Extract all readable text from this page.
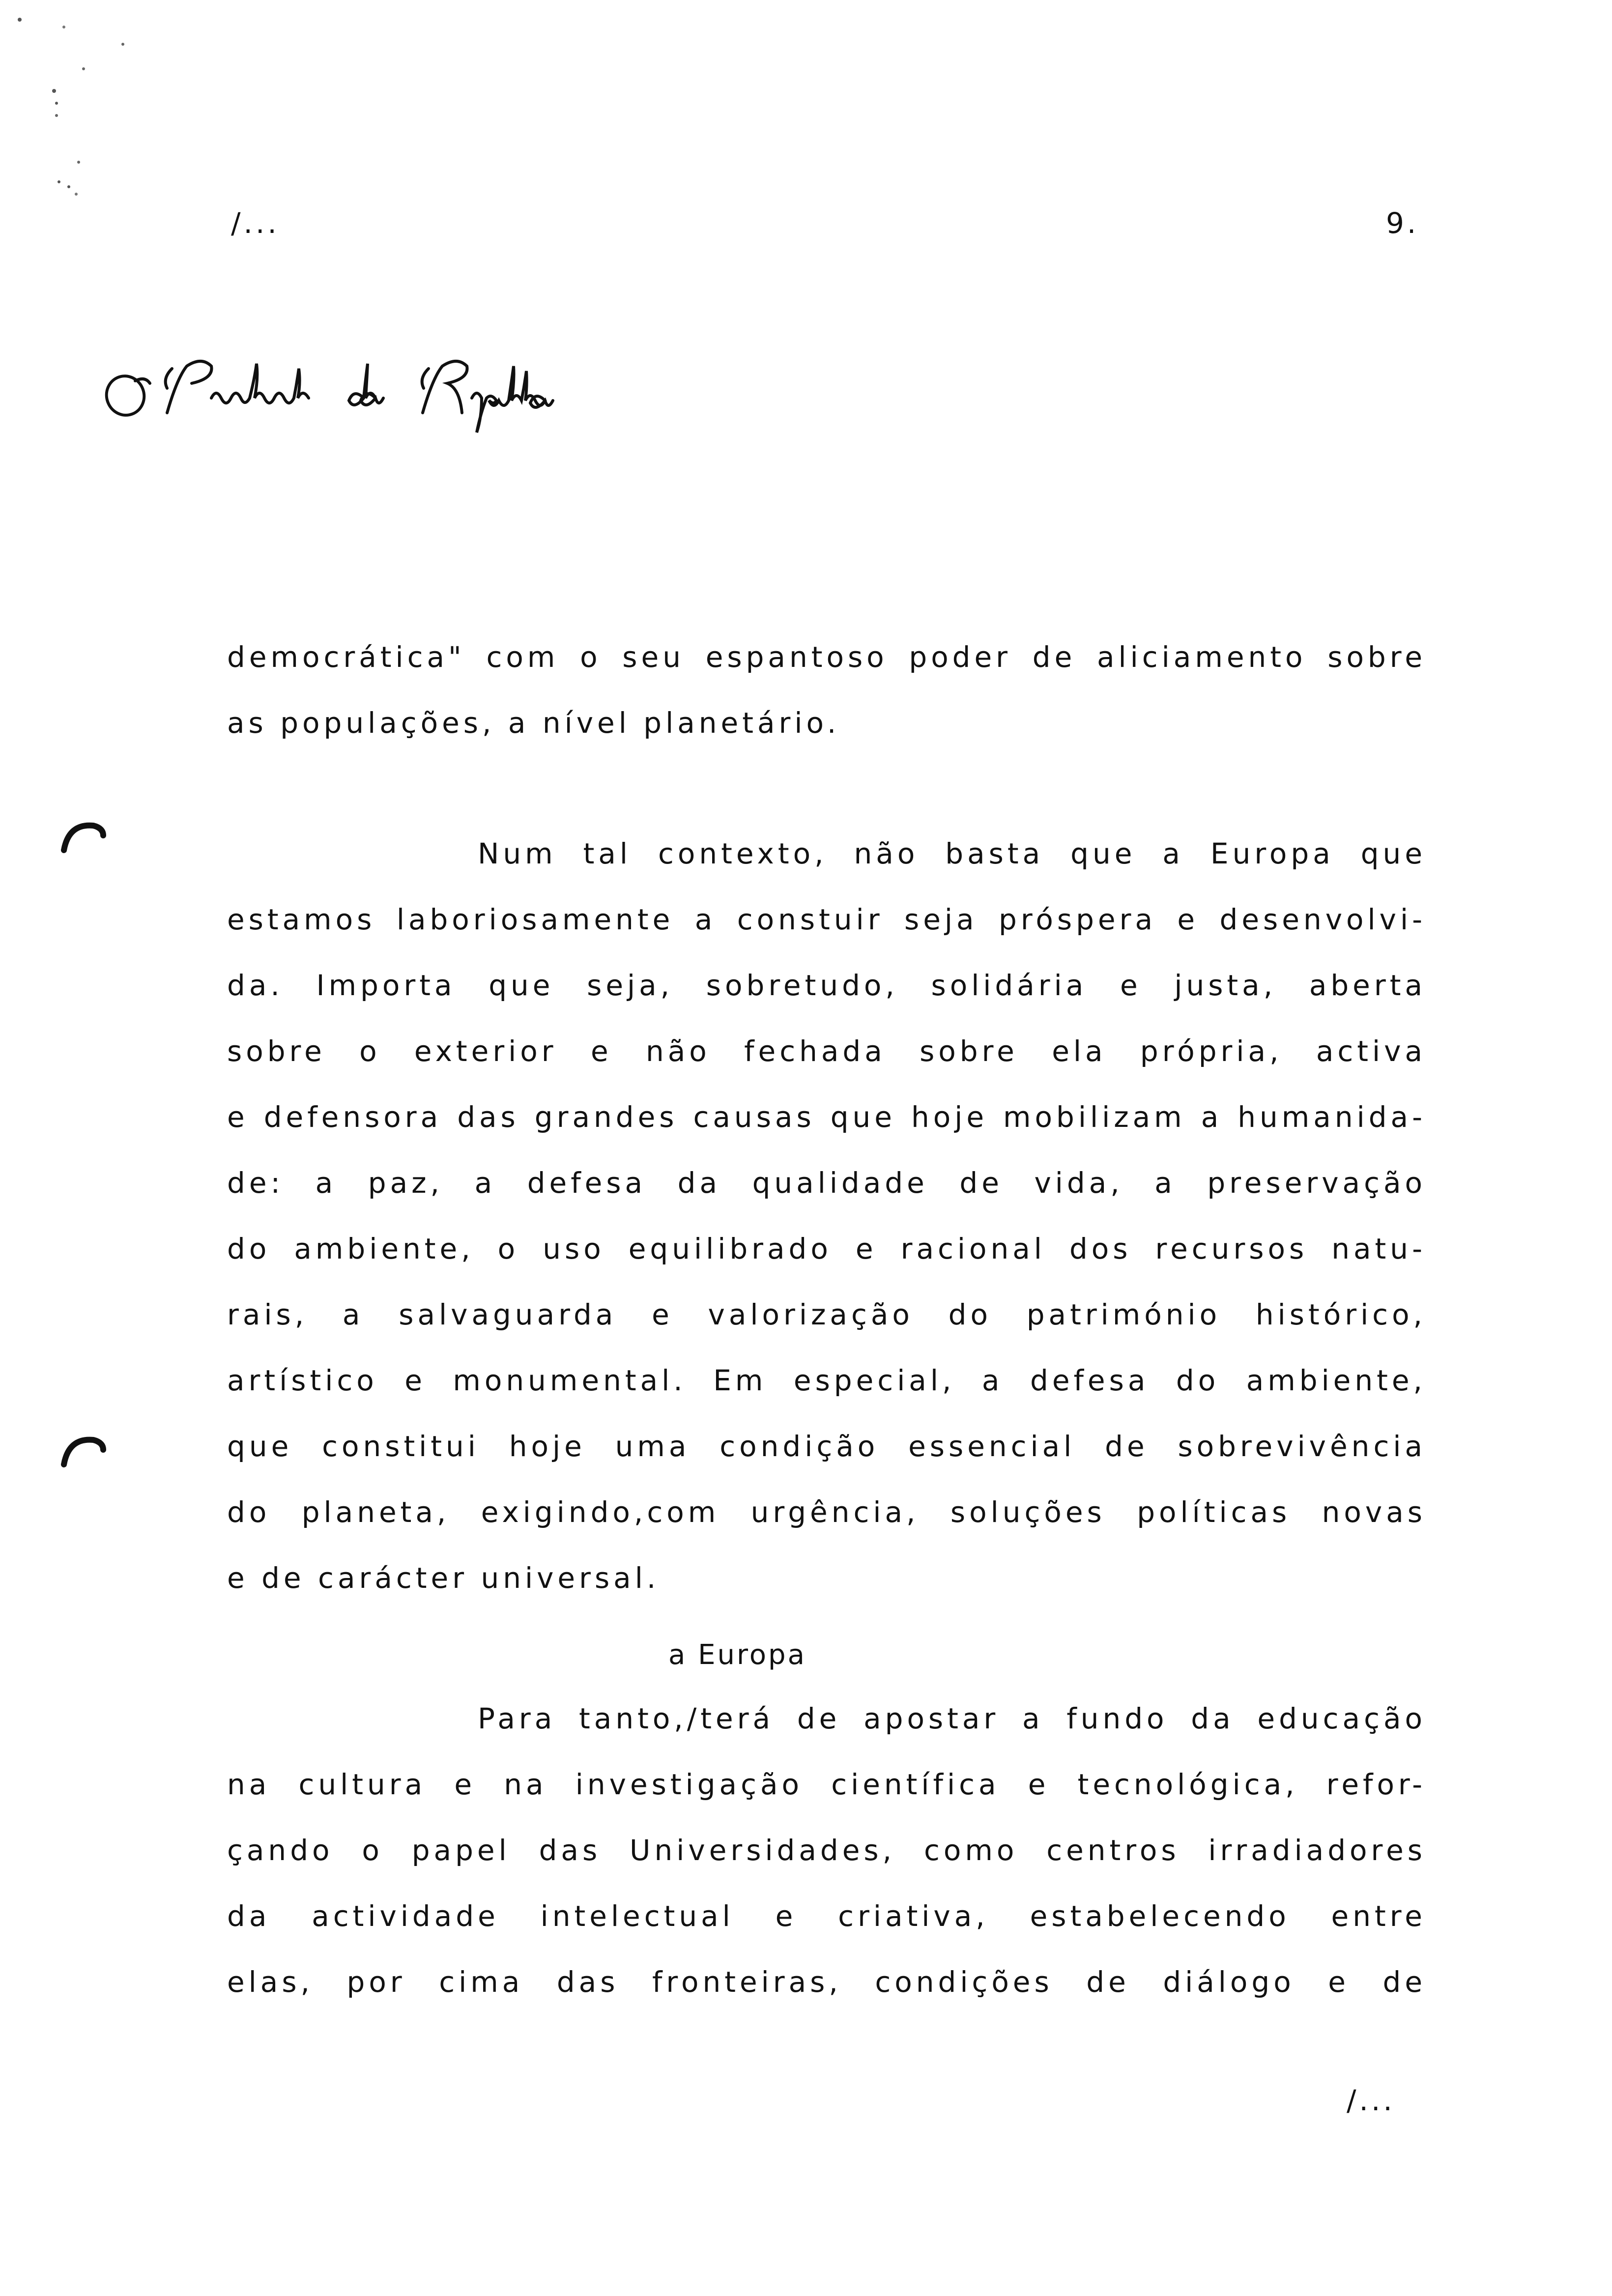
/...	9.
democrática" com o seu espantoso poder de aliciamento sobre
as populações, a nível planetário.
Num tal contexto, não basta que a Europa que
estamos laboriosamente a constuir seja próspera e desenvolvi-
da. Importa que seja, sobretudo, solidária e justa, aberta
sobre o exterior e não fechada sobre ela própria, activa
e defensora das grandes causas que hoje mobilizam a humanida-
de: a paz, a defesa da qualidade de vida, a preservação
do ambiente, o uso equilibrado e racional dos recursos natu-
rais, a salvaguarda e valorização do património histórico,
artístico e monumental. Em especial, a defesa do ambiente,
que constitui hoje uma condição essencial de sobrevivência
do planeta, exigindo,com urgência, soluções políticas novas
e de carácter universal.
a Europa
Para tanto,/terá de apostar a fundo da educação
na cultura e na investigação científica e tecnológica, refor-
çando o papel das Universidades, como centros irradiadores
da actividade intelectual e criativa, estabelecendo entre
elas, por cima das fronteiras, condições de diálogo e de
/...
